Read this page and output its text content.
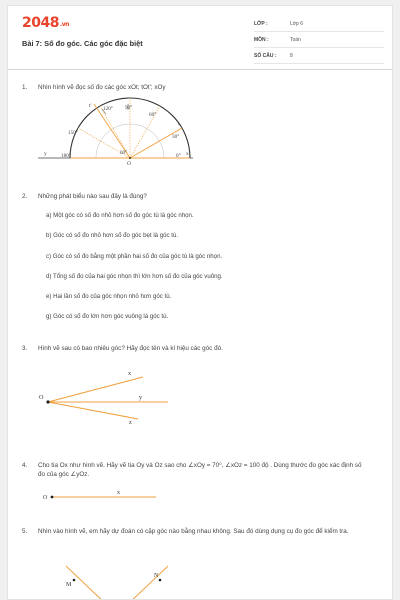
2048.vn
Bài 7: Số đo góc. Các góc đặc biệt
LỚP :	Lớp 6
MÔN :	Toán
SỐ CÂU :	8
1.	Nhìn hình vẽ đọc số đo các góc xOt; tOt'; xOy
120° 90°
60°
150°
30°
180°	0°
60°
t'
t
y	x
O
2.	Những phát biểu nào sau đây là đúng?
a) Một góc có số đo nhỏ hơn số đo góc tù là góc nhọn.
b) Góc có số đo nhỏ hơn số đo góc bẹt là góc tù.
c) Góc có số đo bằng một phần hai số đo của góc tù là góc nhọn.
d) Tổng số đo của hai góc nhọn thì lớn hơn số đo của góc vuông.
e) Hai lần số đo của góc nhọn nhỏ hơn góc tù.
g) Góc có số đo lớn hơn góc vuông là góc tù.
3.	Hình vẽ sau có bao nhiêu góc? Hãy đọc tên và kí hiệu các góc đó.
O
x
y
z
4.	Cho tia Ox như hình vẽ. Hãy vẽ tia Oy và Oz sao cho ∠xOy = 70⁰, ∠xOz = 100 độ . Dùng thước đo góc xác định số đo của góc ∠yOz.
O
x
5.	Nhìn vào hình vẽ, em hãy dự đoán có cặp góc nào bằng nhau không. Sau đó dùng dụng cụ đo góc để kiểm tra.
M
N
